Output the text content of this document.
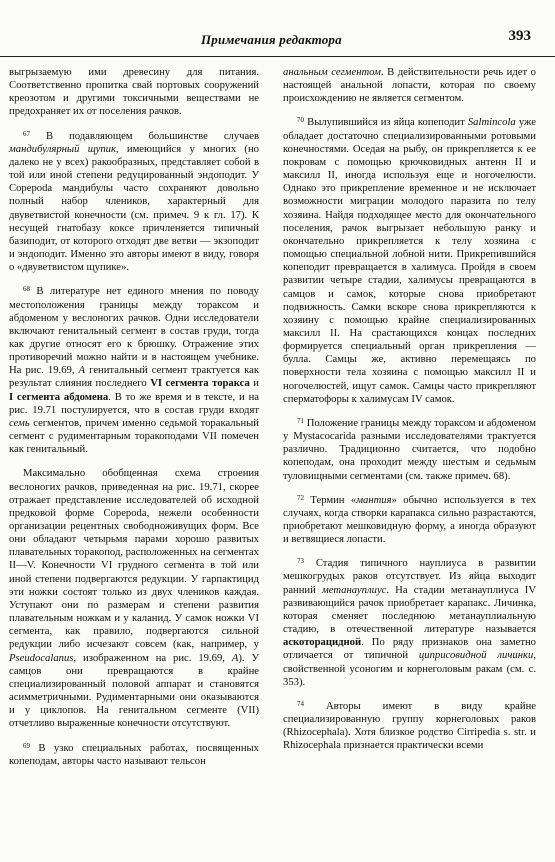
Примечания редактора	393

выгрызаемую ими древесину для питания. Соответственно пропитка свай портовых сооружений креозотом и другими токсичными веществами не предохраняет их от поселения рачков.

$^{67}$ В подавляющем большинстве случаев мандибулярный щупик, имеющийся у многих (но далеко не у всех) ракообразных, представляет собой в той или иной степени редуцированный эндоподит. У Copepoda мандибулы часто сохраняют довольно полный набор члеников, характерный для двуветвистой конечности (см. примеч. 9 к гл. 17). К несущей гнатобазу коксе причленяется типичный базиподит, от которого отходят две ветви — экзоподит и эндоподит. Именно это авторы имеют в виду, говоря о «двуветвистом щупике».

$^{68}$ В литературе нет единого мнения по поводу местоположения границы между тораксом и абдоменом у веслоногих рачков. Одни исследователи включают генитальный сегмент в состав груди, тогда как другие относят его к брюшку. Отражение этих противоречий можно найти и в настоящем учебнике. На рис. 19.69, А генитальный сегмент трактуется как результат слияния последнего VI сегмента торакса и I сегмента абдомена. В то же время и в тексте, и на рис. 19.71 постулируется, что в состав груди входят семь сегментов, причем именно седьмой торакальный сегмент с рудиментарным торакоподами VII помечен как генитальный.

Максимально обобщенная схема строения веслоногих рачков, приведенная на рис. 19.71, скорее отражает представление исследователей об исходной предковой форме Copepoda, нежели особенности организации рецентных свободноживущих форм. Все они обладают четырьмя парами хорошо развитых плавательных торакопод, расположенных на сегментах II—V. Конечности VI грудного сегмента в той или иной степени подвергаются редукции. У гарпактицид эти ножки состоят только из двух члеников каждая. Уступают они по размерам и степени развития плавательным ножкам и у каланид. У самок ножки VI сегмента, как правило, подвергаются сильной редукции либо исчезают совсем (как, например, у Pseudocalanus, изображенном на рис. 19.69, А). У самцов они превращаются в крайне специализированный половой аппарат и становятся асимметричными. Рудиментарными они оказываются и у циклопов. На генитальном сегменте (VII) отчетливо выраженные конечности отсутствуют.

$^{69}$ В узко специальных работах, посвященных копеподам, авторы часто называют тельсон

анальным сегментом. В действительности речь идет о настоящей анальной лопасти, которая по своему происхождению не является сегментом.

$^{70}$ Вылупившийся из яйца копеподит Salmincola уже обладает достаточно специализированными ротовыми конечностями. Оседая на рыбу, он прикрепляется к ее покровам с помощью крючковидных антенн II и максилл II, иногда используя еще и ногочелюсти. Однако это прикрепление временное и не исключает возможности миграции молодого паразита по телу хозяина. Найдя подходящее место для окончательного поселения, рачок выгрызает небольшую ранку и окончательно прикрепляется к телу хозяина с помощью специальной лобной нити. Прикрепившийся копеподит превращается в халимуса. Пройдя в своем развитии четыре стадии, халимусы превращаются в самцов и самок, которые снова приобретают подвижность. Самки вскоре снова прикрепляются к хозяину с помощью крайне специализированных максилл II. На срастающихся концах последних формируется специальный орган прикрепления — булла. Самцы же, активно перемещаясь по поверхности тела хозяина с помощью максилл II и ногочелюстей, ищут самок. Самцы часто прикрепляют сперматофоры к халимусам IV самок.

$^{71}$ Положение границы между тораксом и абдоменом у Mystacocarida разными исследователями трактуется различно. Традиционно считается, что подобно копеподам, она проходит между шестым и седьмым туловищными сегментами (см. также примеч. 68).

$^{72}$ Термин «мантия» обычно используется в тех случаях, когда створки карапакса сильно разрастаются, приобретают мешковидную форму, а иногда образуют и ветвящиеся лопасти.

$^{73}$ Стадия типичного науплиуса в развитии мешкогрудых раков отсутствует. Из яйца выходит ранний метанауплиус. На стадии метанауплиуса IV развивающийся рачок приобретает карапакс. Личинка, которая сменяет последнюю метанауплиальную стадию, в отечественной литературе называется аскоторацидной. По ряду признаков она заметно отличается от типичной циприсовидной личинки, свойственной усоногим и корнеголовым ракам (см. с. 353).

$^{74}$ Авторы имеют в виду крайне специализированную группу корнеголовых раков (Rhizocephala). Хотя близкое родство Cirripedia s. str. и Rhizocephala признается практически всеми
